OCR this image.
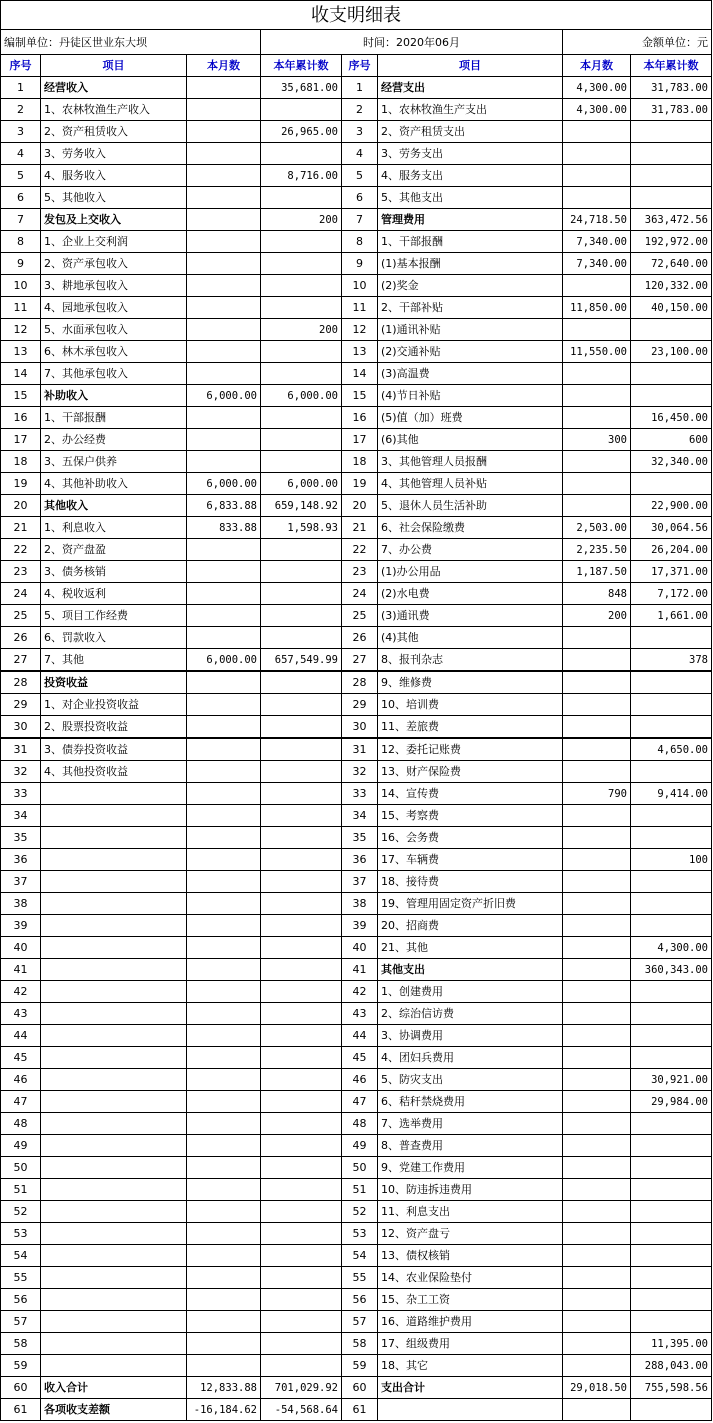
收支明细表							
编制单位：丹徒区世业东大坝			时间：2020年06月			金额单位：元	
序号	项目	本月数	本年累计数	序号	项目	本月数	本年累计数
1	经营收入		35,681.00	1	经营支出	4,300.00	31,783.00
2	1、农林牧渔生产收入			2	1、农林牧渔生产支出	4,300.00	31,783.00
3	2、资产租赁收入		26,965.00	3	2、资产租赁支出		
4	3、劳务收入			4	3、劳务支出		
5	4、服务收入		8,716.00	5	4、服务支出		
6	5、其他收入			6	5、其他支出		
7	发包及上交收入		200	7	管理费用	24,718.50	363,472.56
8	1、企业上交利润			8	1、干部报酬	7,340.00	192,972.00
9	2、资产承包收入			9	(1)基本报酬	7,340.00	72,640.00
10	3、耕地承包收入			10	(2)奖金		120,332.00
11	4、园地承包收入			11	2、干部补贴	11,850.00	40,150.00
12	5、水面承包收入		200	12	(1)通讯补贴		
13	6、林木承包收入			13	(2)交通补贴	11,550.00	23,100.00
14	7、其他承包收入			14	(3)高温费		
15	补助收入	6,000.00	6,000.00	15	(4)节日补贴		
16	1、干部报酬			16	(5)值（加）班费		16,450.00
17	2、办公经费			17	(6)其他	300	600
18	3、五保户供养			18	3、其他管理人员报酬		32,340.00
19	4、其他补助收入	6,000.00	6,000.00	19	4、其他管理人员补贴		
20	其他收入	6,833.88	659,148.92	20	5、退休人员生活补助		22,900.00
21	1、利息收入	833.88	1,598.93	21	6、社会保险缴费	2,503.00	30,064.56
22	2、资产盘盈			22	7、办公费	2,235.50	26,204.00
23	3、债务核销			23	(1)办公用品	1,187.50	17,371.00
24	4、税收返利			24	(2)水电费	848	7,172.00
25	5、项目工作经费			25	(3)通讯费	200	1,661.00
26	6、罚款收入			26	(4)其他		
27	7、其他	6,000.00	657,549.99	27	8、报刊杂志		378
28	投资收益			28	9、维修费		
29	1、对企业投资收益			29	10、培训费		
30	2、股票投资收益			30	11、差旅费		
31	3、债券投资收益			31	12、委托记账费		4,650.00
32	4、其他投资收益			32	13、财产保险费		
33				33	14、宣传费	790	9,414.00
34				34	15、考察费		
35				35	16、会务费		
36				36	17、车辆费		100
37				37	18、接待费		
38				38	19、管理用固定资产折旧费		
39				39	20、招商费		
40				40	21、其他		4,300.00
41				41	其他支出		360,343.00
42				42	1、创建费用		
43				43	2、综治信访费		
44				44	3、协调费用		
45				45	4、团妇兵费用		
46				46	5、防灾支出		30,921.00
47				47	6、秸秆禁烧费用		29,984.00
48				48	7、选举费用		
49				49	8、普查费用		
50				50	9、党建工作费用		
51				51	10、防违拆违费用		
52				52	11、利息支出		
53				53	12、资产盘亏		
54				54	13、债权核销		
55				55	14、农业保险垫付		
56				56	15、杂工工资		
57				57	16、道路维护费用		
58				58	17、组级费用		11,395.00
59				59	18、其它		288,043.00
60	收入合计	12,833.88	701,029.92	60	支出合计	29,018.50	755,598.56
61	各项收支差额	-16,184.62	-54,568.64	61			
